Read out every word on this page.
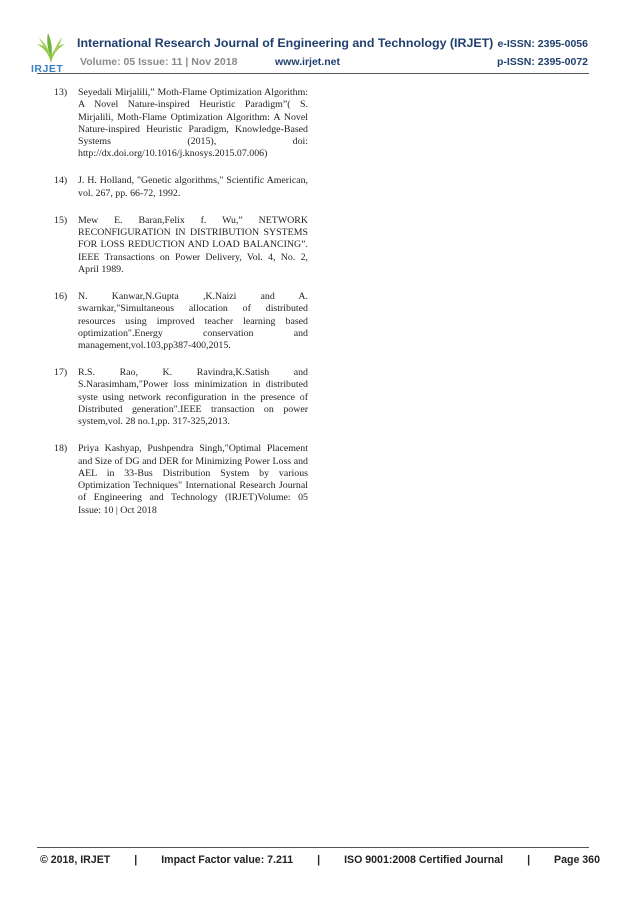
IRJET
International Research Journal of Engineering and Technology (IRJET) e-ISSN: 2395-0056
Volume: 05 Issue: 11 | Nov 2018	www.irjet.net	p-ISSN: 2395-0072
13) Seyedali Mirjalili,” Moth-Flame Optimization Algorithm: A Novel Nature-inspired Heuristic Paradigm”( S. Mirjalili, Moth-Flame Optimization Algorithm: A Novel Nature-inspired Heuristic Paradigm, Knowledge-Based Systems (2015), doi: http://dx.doi.org/10.1016/j.knosys.2015.07.006)
14) J. H. Holland, "Genetic algorithms," Scientific American, vol. 267, pp. 66-72, 1992.
15) Mew E. Baran,Felix f. Wu,” NETWORK RECONFIGURATION IN DISTRIBUTION SYSTEMS FOR LOSS REDUCTION AND LOAD BALANCING”. IEEE Transactions on Power Delivery, Vol. 4, No. 2, April 1989.
16) N. Kanwar,N.Gupta ,K.Naizi and A. swarnkar,"Simultaneous allocation of distributed resources using improved teacher learning based optimization".Energy conservation and management,vol.103,pp387-400,2015.
17) R.S. Rao, K. Ravindra,K.Satish and S.Narasimham,"Power loss minimization in distributed syste using network reconfiguration in the presence of Distributed generation".IEEE transaction on power system,vol. 28 no.1,pp. 317-325,2013.
18) Priya Kashyap, Pushpendra Singh,"Optimal Placement and Size of DG and DER for Minimizing Power Loss and AEL in 33-Bus Distribution System by various Optimization Techniques" International Research Journal of Engineering and Technology (IRJET)Volume: 05 Issue: 10 | Oct 2018
© 2018, IRJET | Impact Factor value: 7.211 | ISO 9001:2008 Certified Journal | Page 360
